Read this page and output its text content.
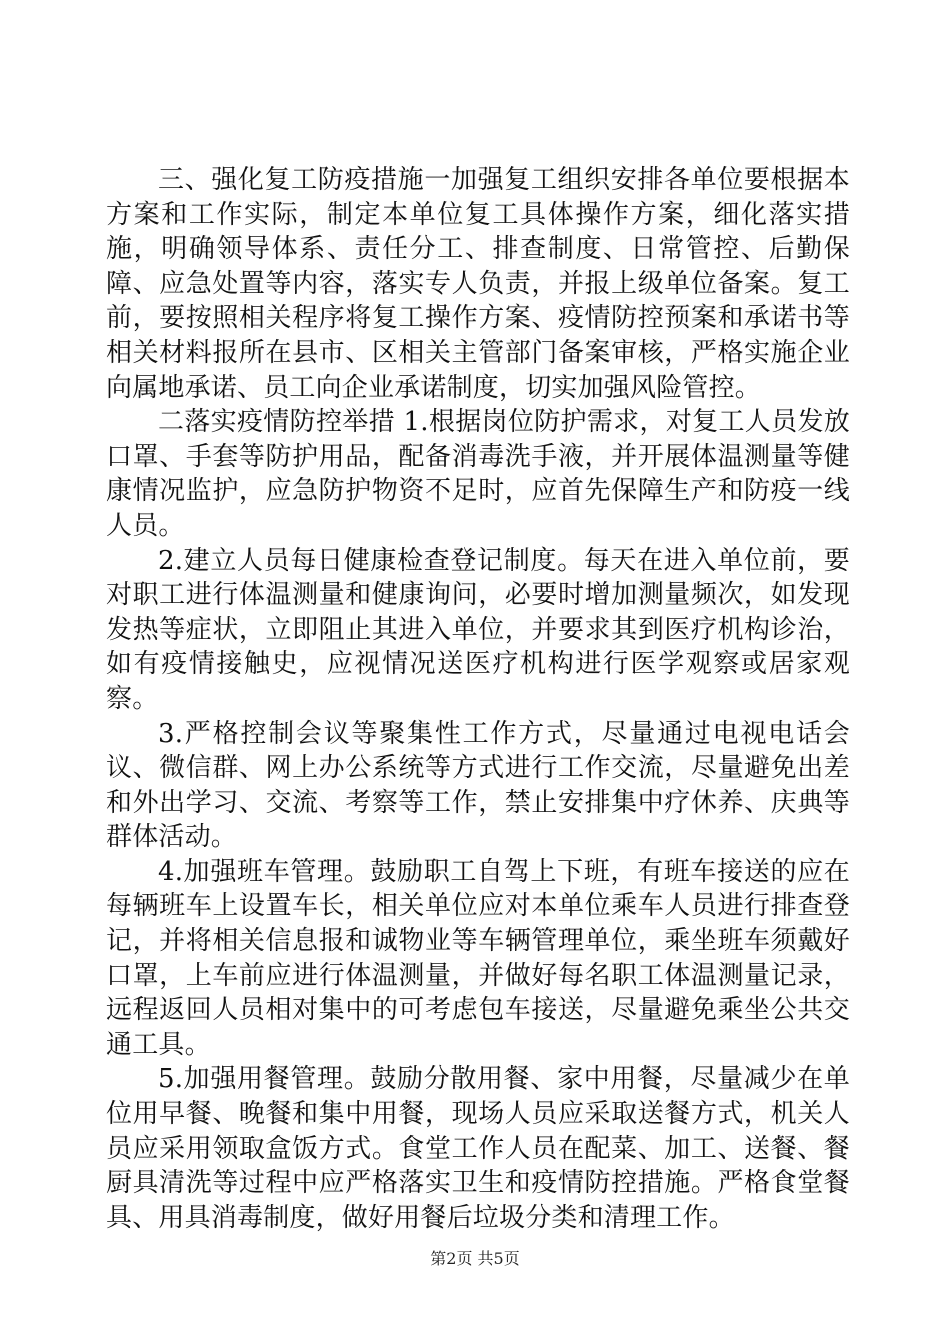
三、强化复工防疫措施一加强复工组织安排各单位要根据本方案和工作实际，制定本单位复工具体操作方案，细化落实措施，明确领导体系、责任分工、排查制度、日常管控、后勤保障、应急处置等内容，落实专人负责，并报上级单位备案。复工前，要按照相关程序将复工操作方案、疫情防控预案和承诺书等相关材料报所在县市、区相关主管部门备案审核，严格实施企业向属地承诺、员工向企业承诺制度，切实加强风险管控。

二落实疫情防控举措 1.根据岗位防护需求，对复工人员发放口罩、手套等防护用品，配备消毒洗手液，并开展体温测量等健康情况监护，应急防护物资不足时，应首先保障生产和防疫一线人员。

2.建立人员每日健康检查登记制度。每天在进入单位前，要对职工进行体温测量和健康询问，必要时增加测量频次，如发现发热等症状，立即阻止其进入单位，并要求其到医疗机构诊治，如有疫情接触史，应视情况送医疗机构进行医学观察或居家观察。

3.严格控制会议等聚集性工作方式，尽量通过电视电话会议、微信群、网上办公系统等方式进行工作交流，尽量避免出差和外出学习、交流、考察等工作，禁止安排集中疗休养、庆典等群体活动。

4.加强班车管理。鼓励职工自驾上下班，有班车接送的应在每辆班车上设置车长，相关单位应对本单位乘车人员进行排查登记，并将相关信息报和诚物业等车辆管理单位，乘坐班车须戴好口罩，上车前应进行体温测量，并做好每名职工体温测量记录，远程返回人员相对集中的可考虑包车接送，尽量避免乘坐公共交通工具。

5.加强用餐管理。鼓励分散用餐、家中用餐，尽量减少在单位用早餐、晚餐和集中用餐，现场人员应采取送餐方式，机关人员应采用领取盒饭方式。食堂工作人员在配菜、加工、送餐、餐厨具清洗等过程中应严格落实卫生和疫情防控措施。严格食堂餐具、用具消毒制度，做好用餐后垃圾分类和清理工作。

第2页 共5页
